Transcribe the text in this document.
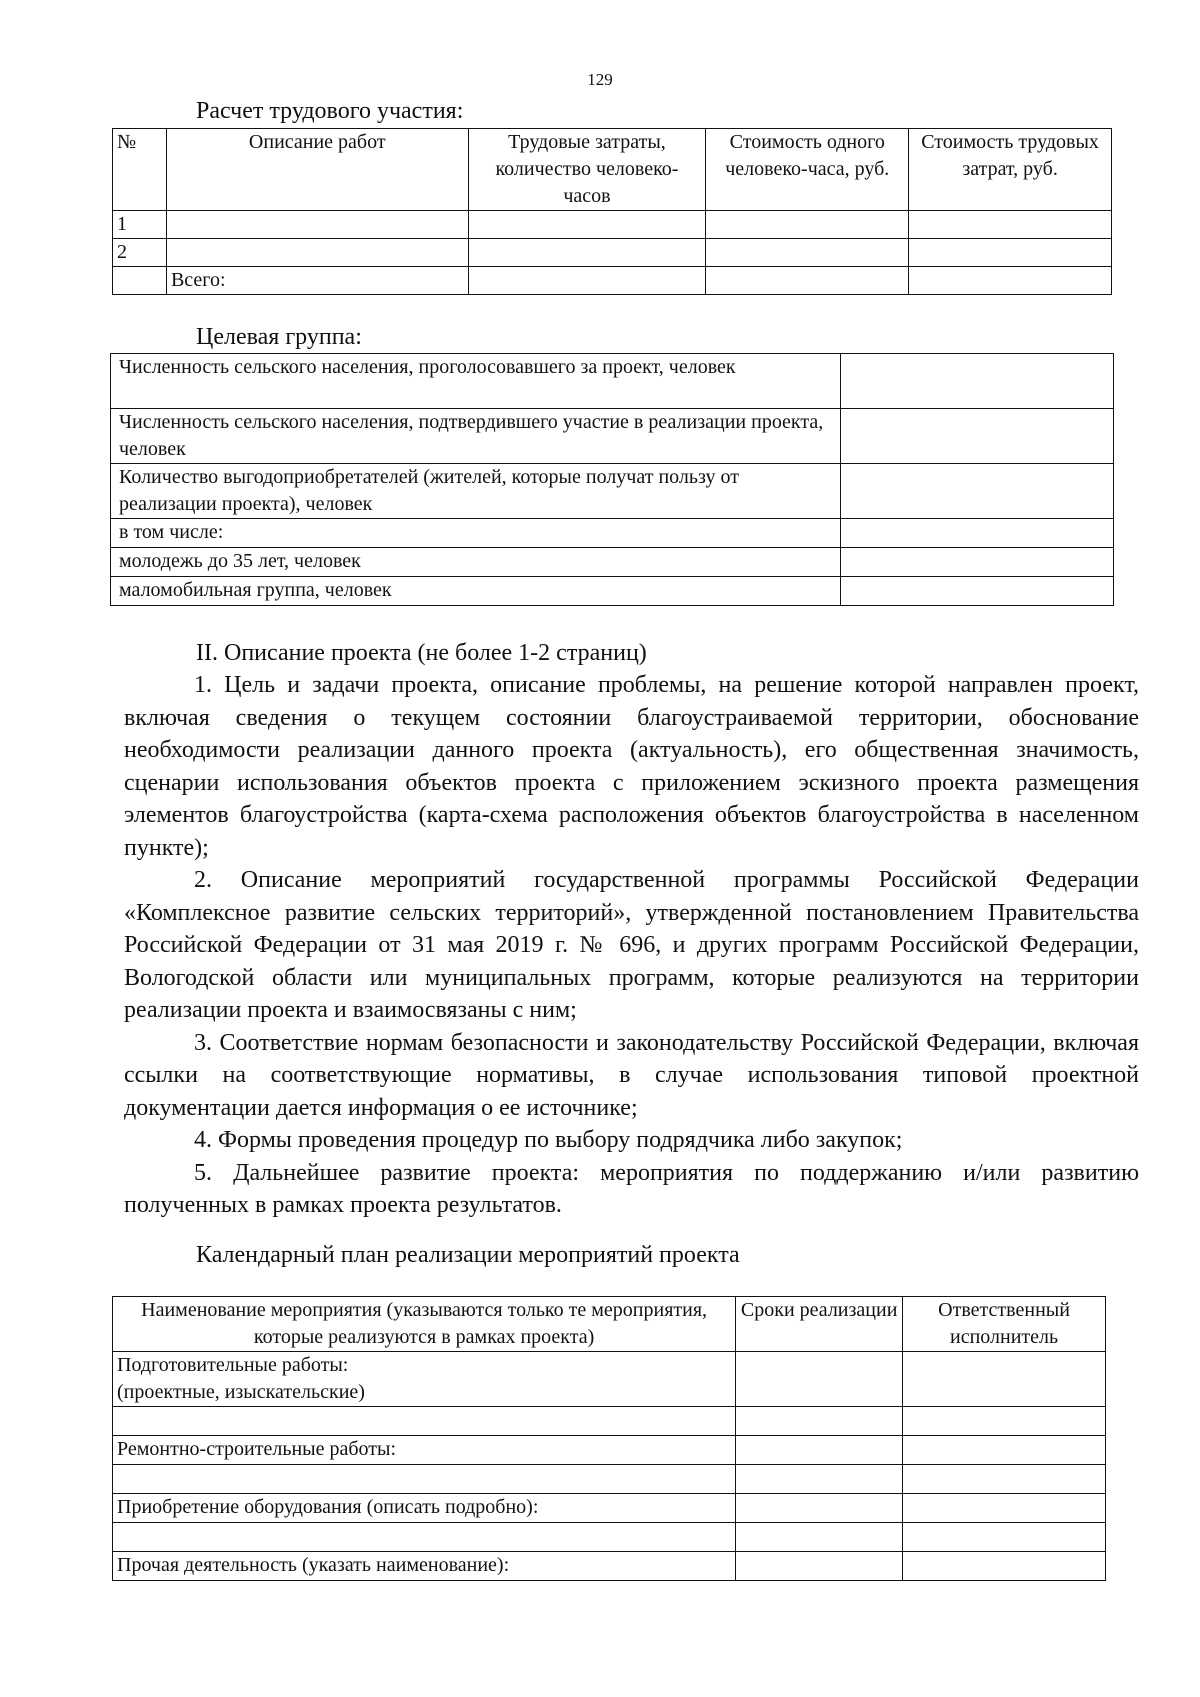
129
Расчет трудового участия:
№	Описание работ	Трудовые затраты, количество человеко-часов	Стоимость одного человеко-часа, руб.	Стоимость трудовых затрат, руб.
1				
2				
	Всего:			
Целевая группа:
Численность сельского населения, проголосовавшего за проект, человек	
Численность сельского населения, подтвердившего участие в реализации проекта, человек	
Количество выгодоприобретателей (жителей, которые получат пользу от реализации проекта), человек	
в том числе:	
молодежь до 35 лет, человек	
маломобильная группа, человек	
II. Описание проекта (не более 1-2 страниц)

1. Цель и задачи проекта, описание проблемы, на решение которой направлен проект, включая сведения о текущем состоянии благоустраиваемой территории, обоснование необходимости реализации данного проекта (актуальность), его общественная значимость, сценарии использования объектов проекта с приложением эскизного проекта размещения элементов благоустройства (карта-схема расположения объектов благоустройства в населенном пункте);

2. Описание мероприятий государственной программы Российской Федерации «Комплексное развитие сельских территорий», утвержденной постановлением Правительства Российской Федерации от 31 мая 2019 г. № 696, и других программ Российской Федерации, Вологодской области или муниципальных программ, которые реализуются на территории реализации проекта и взаимосвязаны с ним;

3. Соответствие нормам безопасности и законодательству Российской Федерации, включая ссылки на соответствующие нормативы, в случае использования типовой проектной документации дается информация о ее источнике;

4. Формы проведения процедур по выбору подрядчика либо закупок;

5. Дальнейшее развитие проекта: мероприятия по поддержанию и/или развитию полученных в рамках проекта результатов.

Календарный план реализации мероприятий проекта
Наименование мероприятия (указываются только те мероприятия, которые реализуются в рамках проекта)	Сроки реализации	Ответственный исполнитель

Подготовительные работы:
(проектные, изыскательские)		

Ремонтно-строительные работы:		

Приобретение оборудования (описать подробно):		

Прочая деятельность (указать наименование):		
